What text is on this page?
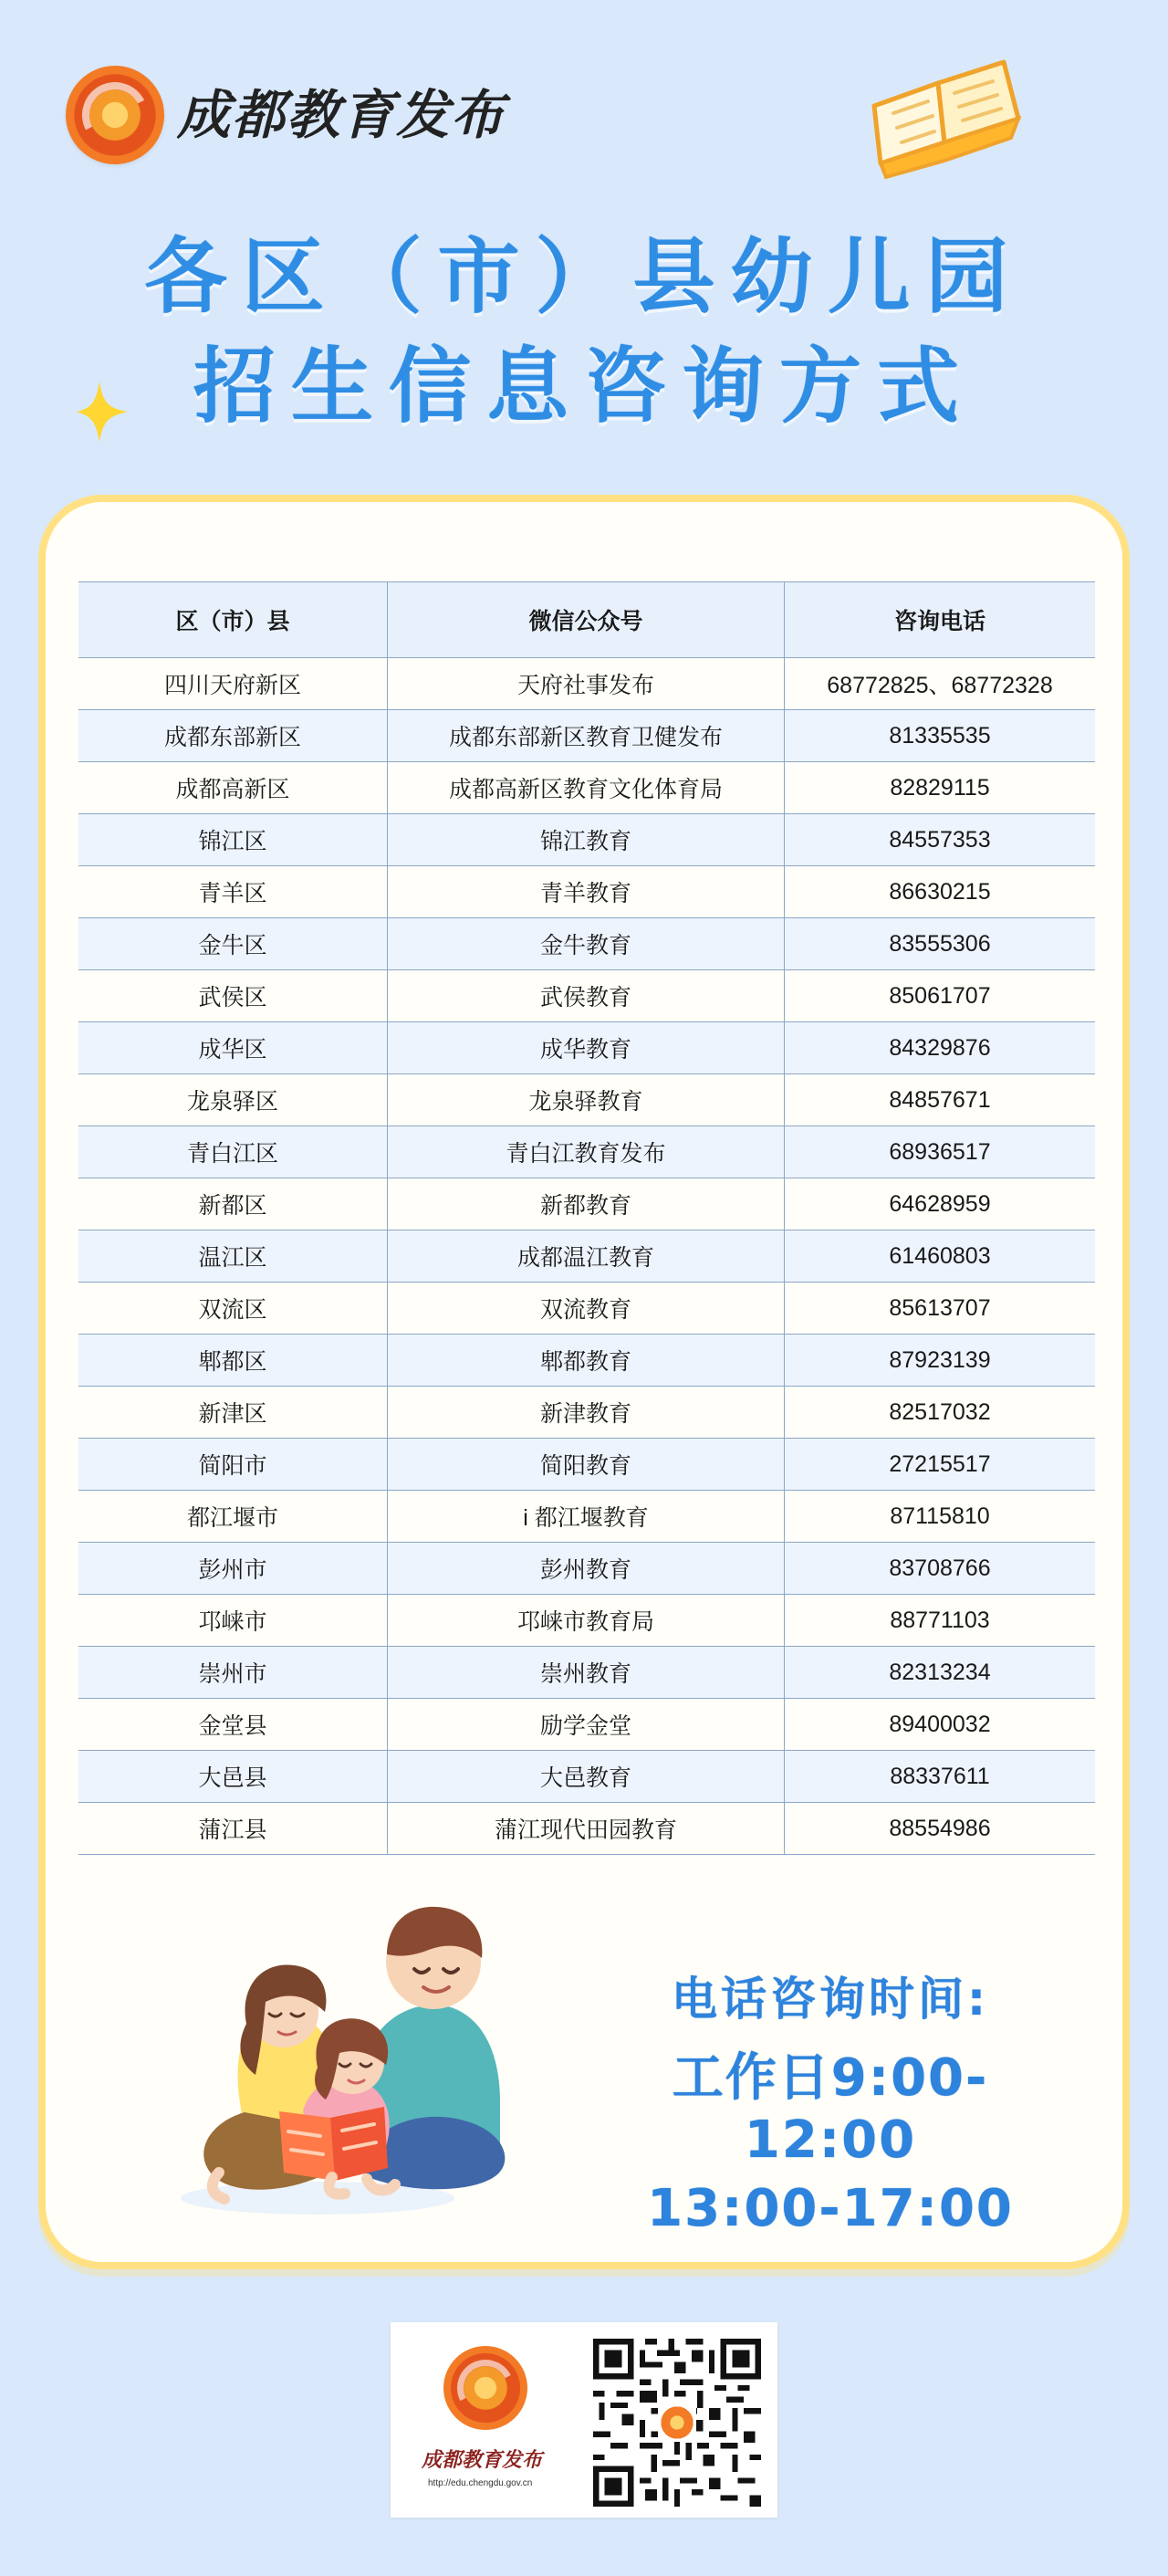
成都教育发布
各区（市）县幼儿园
招生信息咨询方式
区（市）县	微信公众号	咨询电话
四川天府新区	天府社事发布	68772825、68772328
成都东部新区	成都东部新区教育卫健发布	81335535
成都高新区	成都高新区教育文化体育局	82829115
锦江区	锦江教育	84557353
青羊区	青羊教育	86630215
金牛区	金牛教育	83555306
武侯区	武侯教育	85061707
成华区	成华教育	84329876
龙泉驿区	龙泉驿教育	84857671
青白江区	青白江教育发布	68936517
新都区	新都教育	64628959
温江区	成都温江教育	61460803
双流区	双流教育	85613707
郫都区	郫都教育	87923139
新津区	新津教育	82517032
简阳市	简阳教育	27215517
都江堰市	i 都江堰教育	87115810
彭州市	彭州教育	83708766
邛崃市	邛崃市教育局	88771103
崇州市	崇州教育	82313234
金堂县	励学金堂	89400032
大邑县	大邑教育	88337611
蒲江县	蒲江现代田园教育	88554986
电话咨询时间:
工作日9:00-12:00
13:00-17:00
成都教育发布
http://edu.chengdu.gov.cn
